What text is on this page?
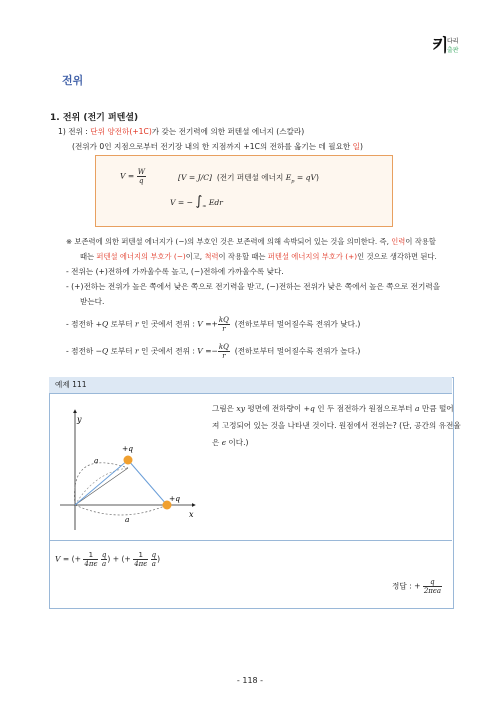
키
다리
출판
전위
1. 전위 (전기 퍼텐셜)
1) 전위 : 단위 양전하(+1C)가 갖는 전기력에 의한 퍼텐셜 에너지 (스칼라)
(전위가 0인 지점으로부터 전기장 내의 한 지점까지 +1C의 전하를 옮기는 데 필요한 일)
$V = \frac{W}{q}$	[V = J/C] (전기 퍼텐셜 에너지 $E_p = qV$)
V = − $\int_\infty$ Edr
※ 보존력에 의한 퍼텐셜 에너지가 (−)의 부호인 것은 보존력에 의해 속박되어 있는 것을 의미한다. 즉, 인력이 작용할
때는 퍼텐셜 에너지의 부호가 (−)이고, 척력이 작용할 때는 퍼텐셜 에너지의 부호가 (+)인 것으로 생각하면 된다.
- 전위는 (+)전하에 가까울수록 높고, (−)전하에 가까울수록 낮다.
- (+)전하는 전위가 높은 쪽에서 낮은 쪽으로 전기력을 받고, (−)전하는 전위가 낮은 쪽에서 높은 쪽으로 전기력을
받는다.
- 점전하 +Q 로부터 r 인 곳에서 전위 : $V =+ \frac{kQ}{r}$ (전하로부터 멀어질수록 전위가 낮다.)
- 점전하 −Q 로부터 r 인 곳에서 전위 : $V =- \frac{kQ}{r}$ (전하로부터 멀어질수록 전위가 높다.)
예제 111
y
x
+q
+q
a
a
그림은 xy 평면에 전하량이 +q 인 두 점전하가 원점으로부터 a 만큼 떨어
져 고정되어 있는 것을 나타낸 것이다. 원점에서 전위는? (단, 공간의 유전율
은 ϵ 이다.)
V = (+ $\frac{1}{4\pi\epsilon}$
$\frac{q}{a}$ ) + (+ $\frac{1}{4\pi\epsilon}$
$\frac{q}{a}$ )
정답 : + $\frac{q}{\text{2πϵa}}$
- 118 -
